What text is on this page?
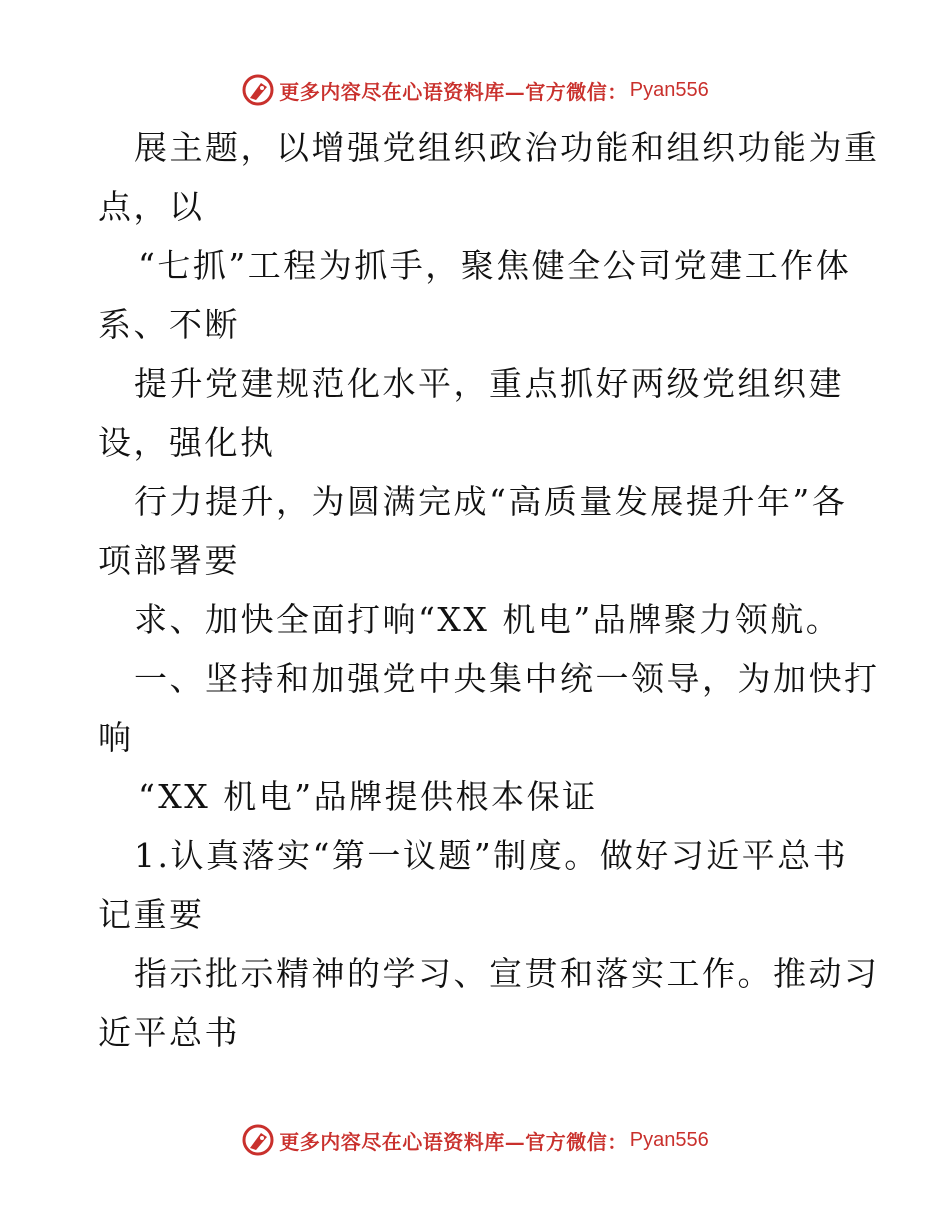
更多内容尽在心语资料库—官方微信： Pyan556
展主题，以增强党组织政治功能和组织功能为重
点，以
“七抓”工程为抓手，聚焦健全公司党建工作体
系、不断
提升党建规范化水平，重点抓好两级党组织建
设，强化执
行力提升，为圆满完成“高质量发展提升年”各
项部署要
求、加快全面打响“XX 机电”品牌聚力领航。
一、坚持和加强党中央集中统一领导，为加快打
响
“XX 机电”品牌提供根本保证
1.认真落实“第一议题”制度。做好习近平总书
记重要
指示批示精神的学习、宣贯和落实工作。推动习
近平总书
更多内容尽在心语资料库—官方微信： Pyan556
